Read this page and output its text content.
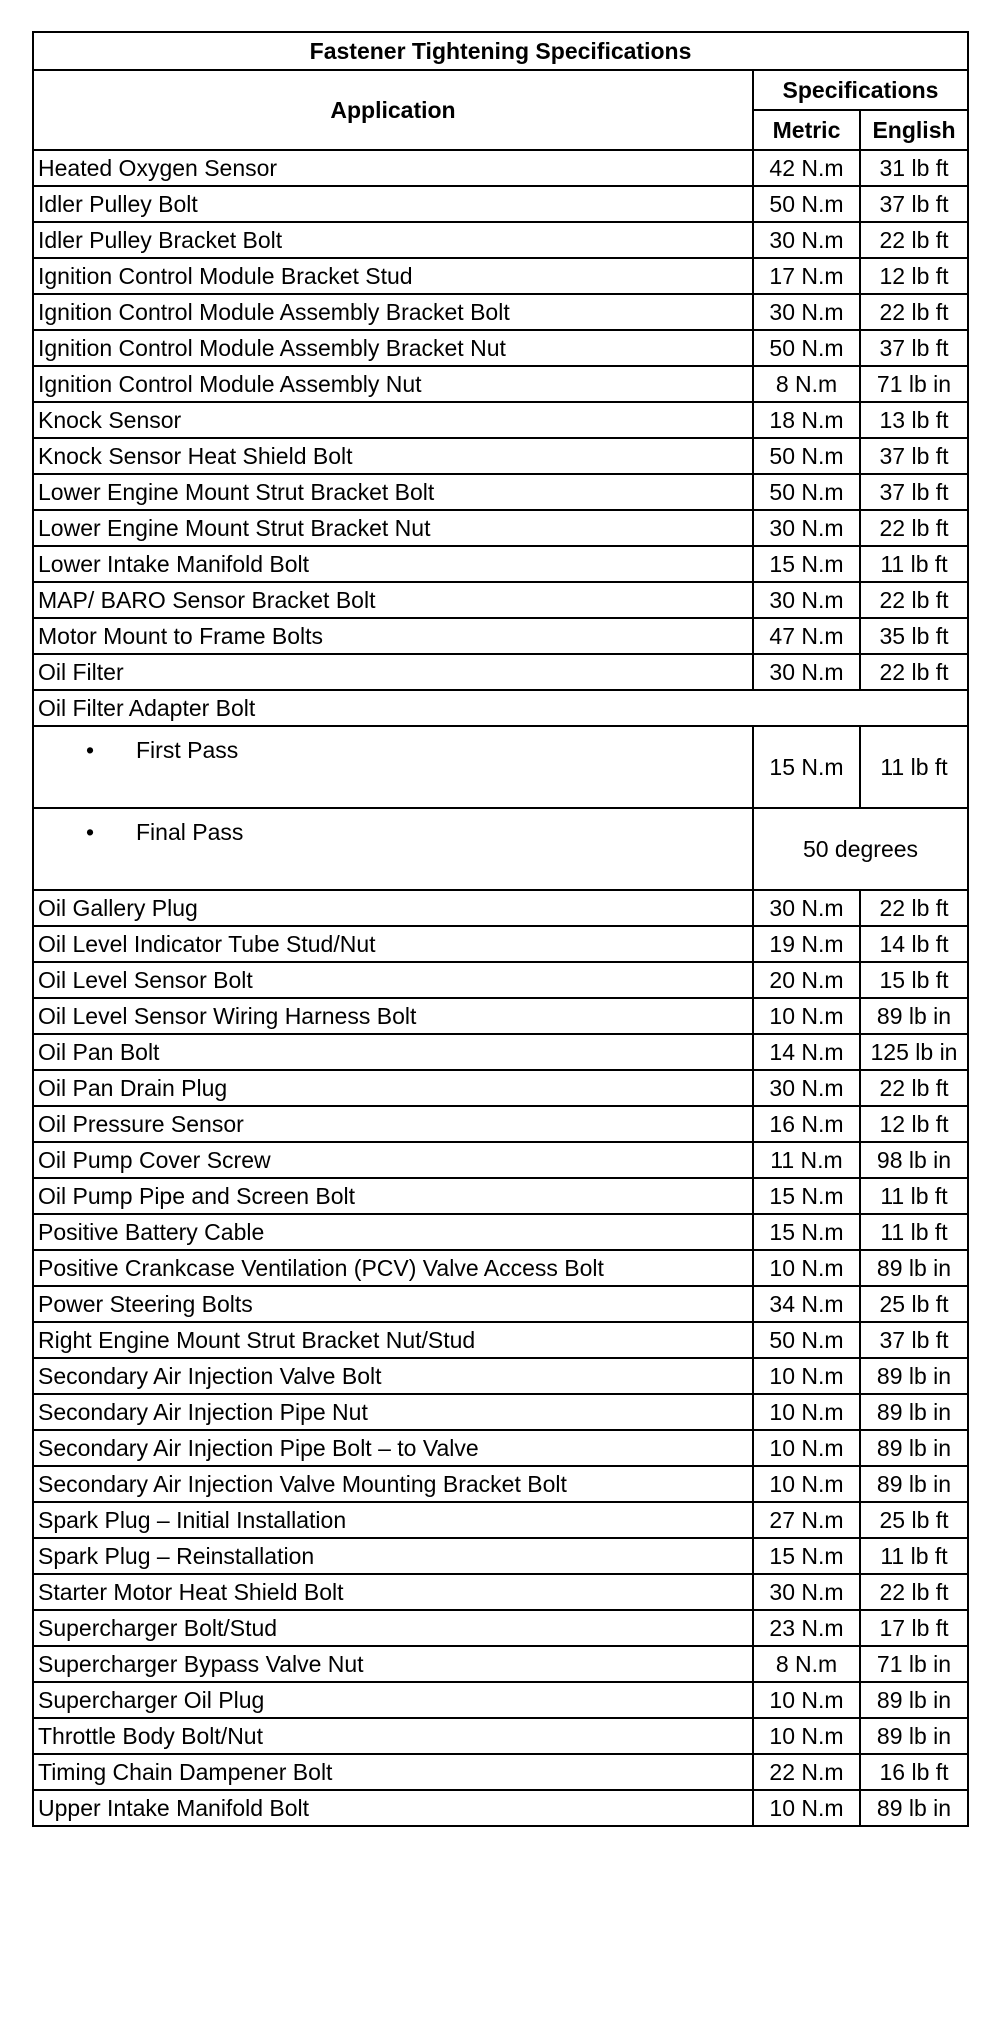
Fastener Tightening Specifications		
Application	Specifications	
	Metric	English
Heated Oxygen Sensor	42 N.m	31 lb ft
Idler Pulley Bolt	50 N.m	37 lb ft
Idler Pulley Bracket Bolt	30 N.m	22 lb ft
Ignition Control Module Bracket Stud	17 N.m	12 lb ft
Ignition Control Module Assembly Bracket Bolt	30 N.m	22 lb ft
Ignition Control Module Assembly Bracket Nut	50 N.m	37 lb ft
Ignition Control Module Assembly Nut	8 N.m	71 lb in
Knock Sensor	18 N.m	13 lb ft
Knock Sensor Heat Shield Bolt	50 N.m	37 lb ft
Lower Engine Mount Strut Bracket Bolt	50 N.m	37 lb ft
Lower Engine Mount Strut Bracket Nut	30 N.m	22 lb ft
Lower Intake Manifold Bolt	15 N.m	11 lb ft
MAP/ BARO Sensor Bracket Bolt	30 N.m	22 lb ft
Motor Mount to Frame Bolts	47 N.m	35 lb ft
Oil Filter	30 N.m	22 lb ft
Oil Filter Adapter Bolt		
• First Pass	15 N.m	11 lb ft
• Final Pass	50 degrees	
Oil Gallery Plug	30 N.m	22 lb ft
Oil Level Indicator Tube Stud/Nut	19 N.m	14 lb ft
Oil Level Sensor Bolt	20 N.m	15 lb ft
Oil Level Sensor Wiring Harness Bolt	10 N.m	89 lb in
Oil Pan Bolt	14 N.m	125 lb in
Oil Pan Drain Plug	30 N.m	22 lb ft
Oil Pressure Sensor	16 N.m	12 lb ft
Oil Pump Cover Screw	11 N.m	98 lb in
Oil Pump Pipe and Screen Bolt	15 N.m	11 lb ft
Positive Battery Cable	15 N.m	11 lb ft
Positive Crankcase Ventilation (PCV) Valve Access Bolt	10 N.m	89 lb in
Power Steering Bolts	34 N.m	25 lb ft
Right Engine Mount Strut Bracket Nut/Stud	50 N.m	37 lb ft
Secondary Air Injection Valve Bolt	10 N.m	89 lb in
Secondary Air Injection Pipe Nut	10 N.m	89 lb in
Secondary Air Injection Pipe Bolt – to Valve	10 N.m	89 lb in
Secondary Air Injection Valve Mounting Bracket Bolt	10 N.m	89 lb in
Spark Plug – Initial Installation	27 N.m	25 lb ft
Spark Plug – Reinstallation	15 N.m	11 lb ft
Starter Motor Heat Shield Bolt	30 N.m	22 lb ft
Supercharger Bolt/Stud	23 N.m	17 lb ft
Supercharger Bypass Valve Nut	8 N.m	71 lb in
Supercharger Oil Plug	10 N.m	89 lb in
Throttle Body Bolt/Nut	10 N.m	89 lb in
Timing Chain Dampener Bolt	22 N.m	16 lb ft
Upper Intake Manifold Bolt	10 N.m	89 lb in
